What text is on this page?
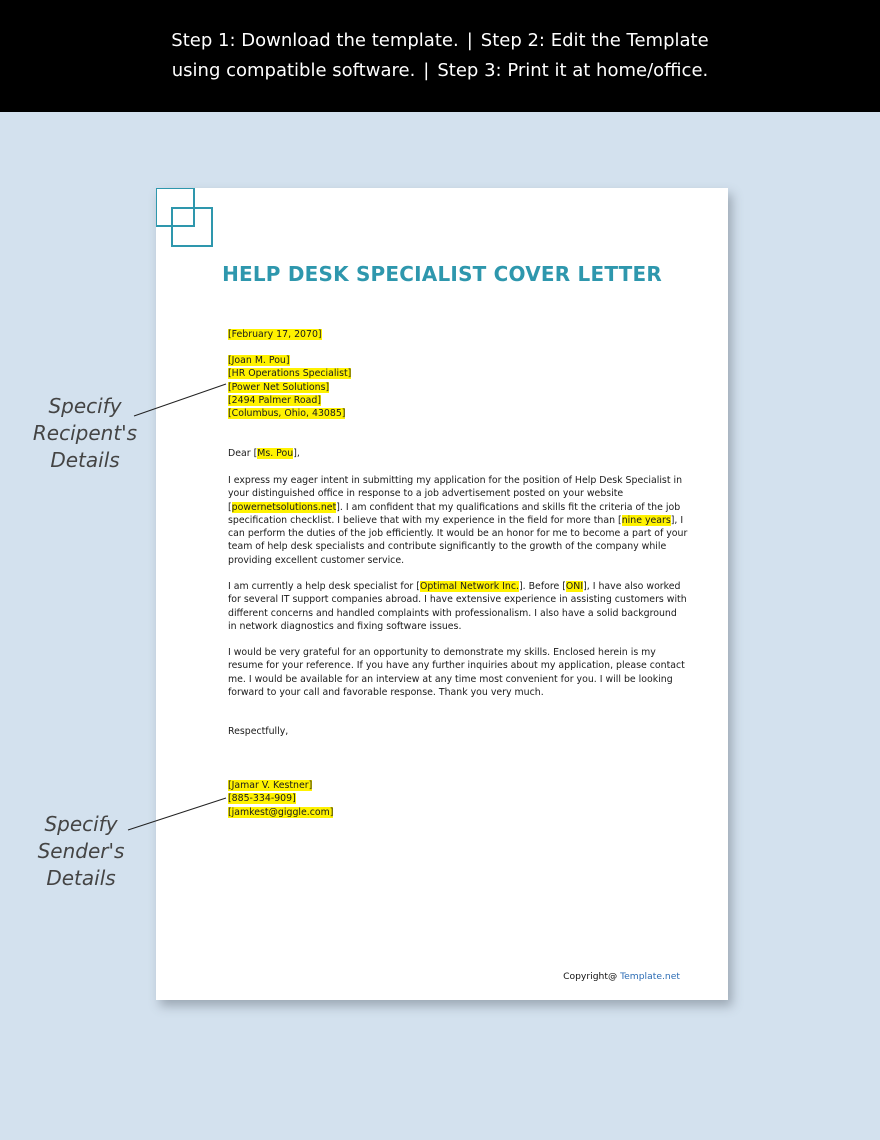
Step 1: Download the template. | Step 2: Edit the Template
using compatible software. | Step 3: Print it at home/office.
HELP DESK SPECIALIST COVER LETTER
[February 17, 2070]
[Joan M. Pou]
[HR Operations Specialist]
[Power Net Solutions]
[2494 Palmer Road]
[Columbus, Ohio, 43085]
Dear [Ms. Pou],
I express my eager intent in submitting my application for the position of Help Desk Specialist in your distinguished office in response to a job advertisement posted on your website [powernetsolutions.net]. I am confident that my qualifications and skills fit the criteria of the job specification checklist. I believe that with my experience in the field for more than [nine years], I can perform the duties of the job efficiently. It would be an honor for me to become a part of your team of help desk specialists and contribute significantly to the growth of the company while providing excellent customer service.
I am currently a help desk specialist for [Optimal Network Inc.]. Before [ONI], I have also worked for several IT support companies abroad. I have extensive experience in assisting customers with different concerns and handled complaints with professionalism. I also have a solid background in network diagnostics and fixing software issues.
I would be very grateful for an opportunity to demonstrate my skills. Enclosed herein is my resume for your reference. If you have any further inquiries about my application, please contact me. I would be available for an interview at any time most convenient for you. I will be looking forward to your call and favorable response. Thank you very much.
Respectfully,
[Jamar V. Kestner]
[885-334-909]
[jamkest@giggle.com]
Copyright@ Template.net
Specify
Recipent's
Details
Specify
Sender's
Details
